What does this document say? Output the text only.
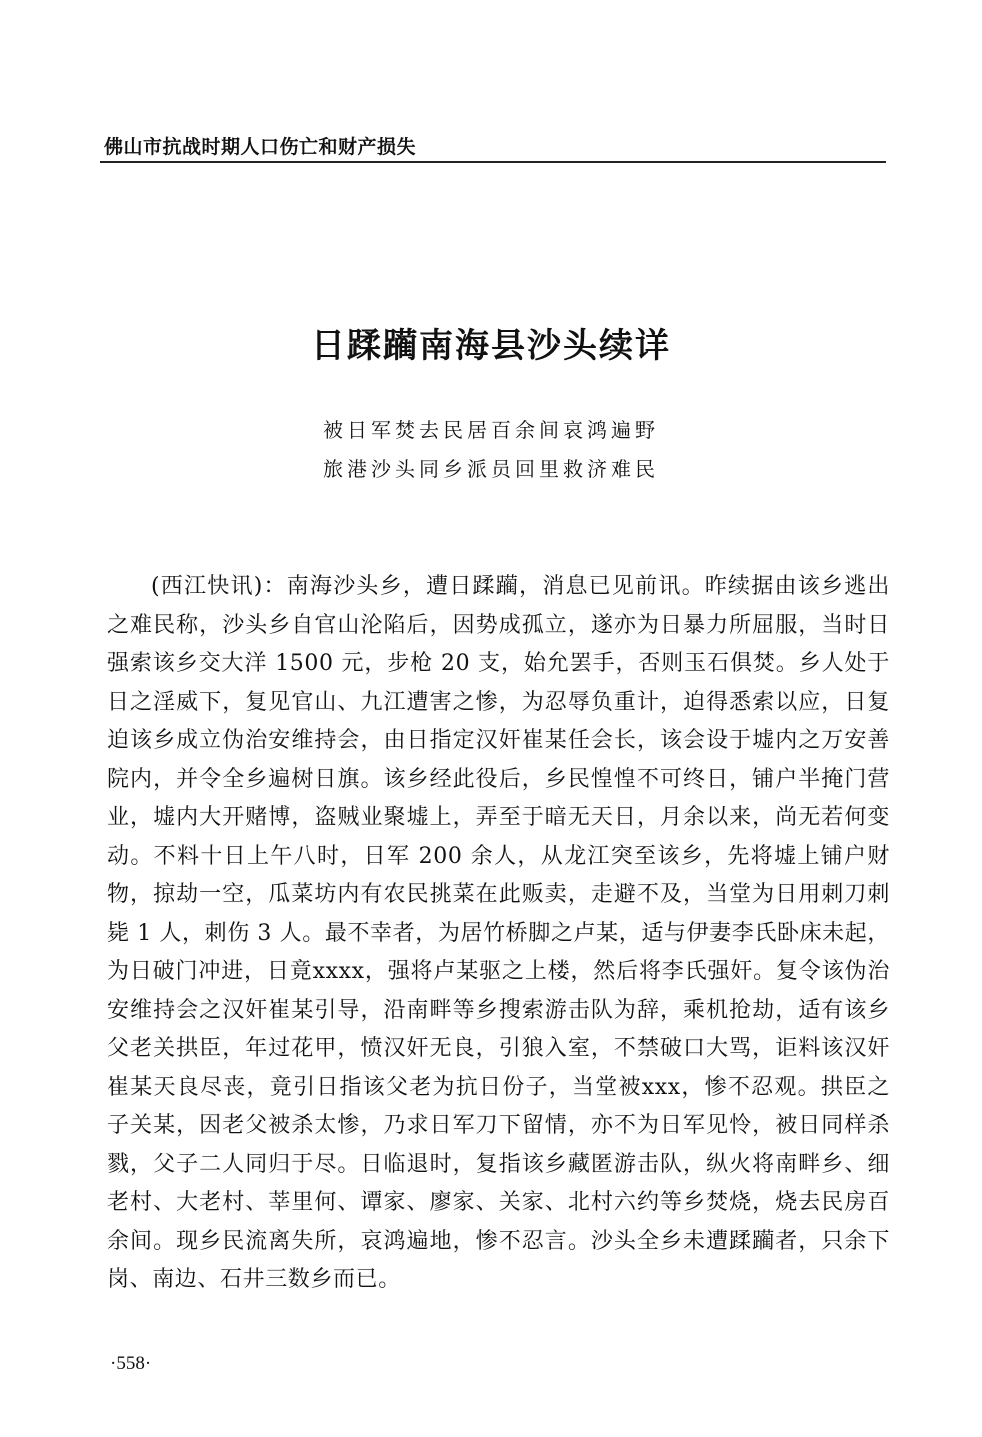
佛山市抗战时期人口伤亡和财产损失
日蹂躏南海县沙头续详
被日军焚去民居百余间哀鸿遍野
旅港沙头同乡派员回里救济难民
(西江快讯)：南海沙头乡，遭日蹂躏，消息已见前讯。昨续据由该乡逃出之难民称，沙头乡自官山沦陷后，因势成孤立，遂亦为日暴力所屈服，当时日强索该乡交大洋 1500 元，步枪 20 支，始允罢手，否则玉石俱焚。乡人处于日之淫威下，复见官山、九江遭害之惨，为忍辱负重计，迫得悉索以应，日复迫该乡成立伪治安维持会，由日指定汉奸崔某任会长，该会设于墟内之万安善院内，并令全乡遍树日旗。该乡经此役后，乡民惶惶不可终日，铺户半掩门营业，墟内大开赌博，盗贼业聚墟上，弄至于暗无天日，月余以来，尚无若何变动。不料十日上午八时，日军 200 余人，从龙江突至该乡，先将墟上铺户财物，掠劫一空，瓜菜坊内有农民挑菜在此贩卖，走避不及，当堂为日用刺刀刺毙 1 人，刺伤 3 人。最不幸者，为居竹桥脚之卢某，适与伊妻李氏卧床未起，为日破门冲进，日竟xxxx，强将卢某驱之上楼，然后将李氏强奸。复令该伪治安维持会之汉奸崔某引导，沿南畔等乡搜索游击队为辞，乘机抢劫，适有该乡父老关拱臣，年过花甲，愤汉奸无良，引狼入室，不禁破口大骂，讵料该汉奸崔某天良尽丧，竟引日指该父老为抗日份子，当堂被xxx，惨不忍观。拱臣之子关某，因老父被杀太惨，乃求日军刀下留情，亦不为日军见怜，被日同样杀戮，父子二人同归于尽。日临退时，复指该乡藏匿游击队，纵火将南畔乡、细老村、大老村、莘里何、谭家、廖家、关家、北村六约等乡焚烧，烧去民房百余间。现乡民流离失所，哀鸿遍地，惨不忍言。沙头全乡未遭蹂躏者，只余下岗、南边、石井三数乡而已。
·558·
